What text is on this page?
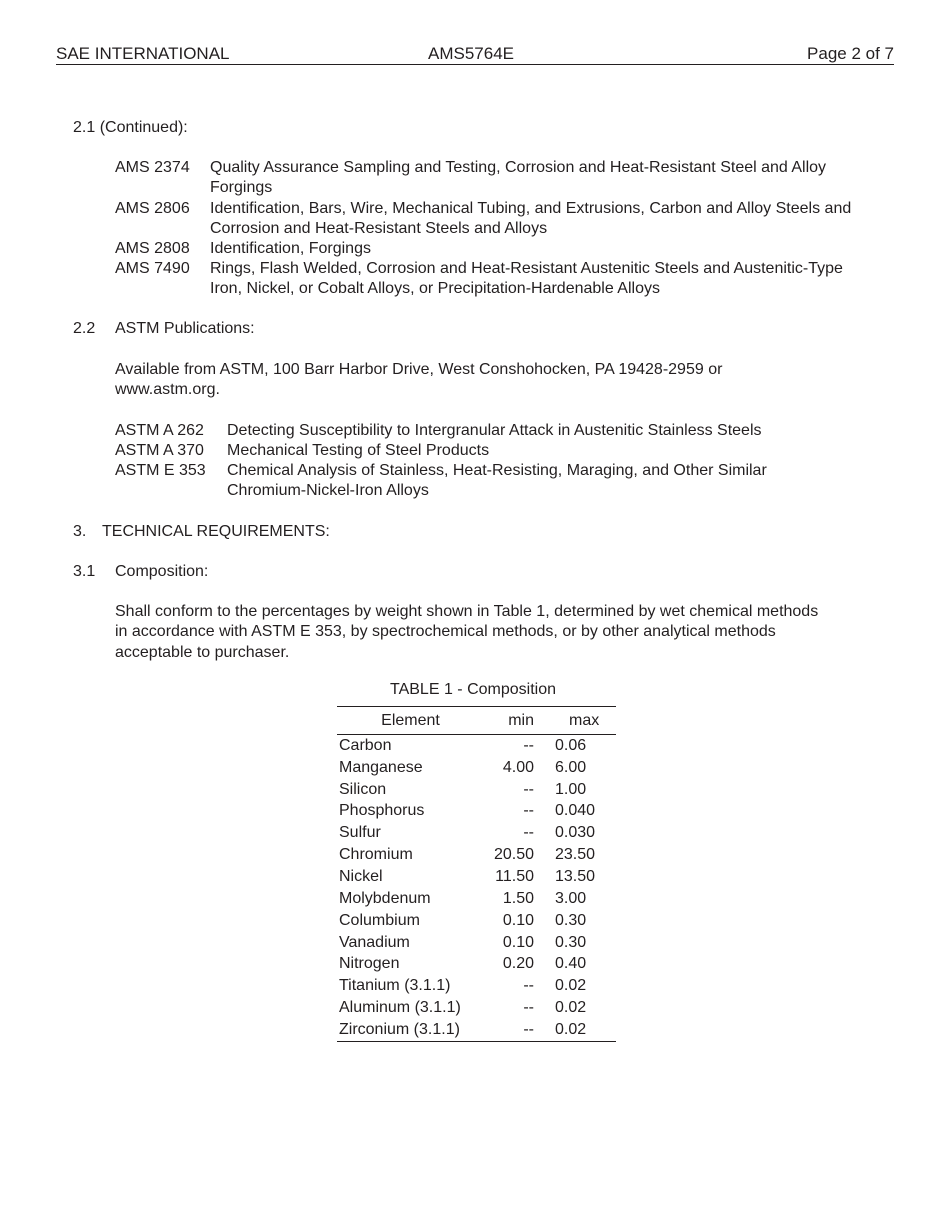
SAE INTERNATIONAL	AMS5764E	Page 2 of 7
2.1 (Continued):
AMS 2374	Quality Assurance Sampling and Testing, Corrosion and Heat-Resistant Steel and Alloy Forgings
AMS 2806	Identification, Bars, Wire, Mechanical Tubing, and Extrusions, Carbon and Alloy Steels and Corrosion and Heat-Resistant Steels and Alloys
AMS 2808	Identification, Forgings
AMS 7490	Rings, Flash Welded, Corrosion and Heat-Resistant Austenitic Steels and Austenitic-Type Iron, Nickel, or Cobalt Alloys, or Precipitation-Hardenable Alloys
2.2 ASTM Publications:
Available from ASTM, 100 Barr Harbor Drive, West Conshohocken, PA 19428-2959 or
www.astm.org.
ASTM A 262	Detecting Susceptibility to Intergranular Attack in Austenitic Stainless Steels
ASTM A 370	Mechanical Testing of Steel Products
ASTM E 353	Chemical Analysis of Stainless, Heat-Resisting, Maraging, and Other Similar Chromium-Nickel-Iron Alloys
3. TECHNICAL REQUIREMENTS:
3.1 Composition:
Shall conform to the percentages by weight shown in Table 1, determined by wet chemical methods
in accordance with ASTM E 353, by spectrochemical methods, or by other analytical methods
acceptable to purchaser.
TABLE 1 - Composition
Element	min	max
Carbon	--	0.06
Manganese	4.00	6.00
Silicon	--	1.00
Phosphorus	--	0.040
Sulfur	--	0.030
Chromium	20.50	23.50
Nickel	11.50	13.50
Molybdenum	1.50	3.00
Columbium	0.10	0.30
Vanadium	0.10	0.30
Nitrogen	0.20	0.40
Titanium (3.1.1)	--	0.02
Aluminum (3.1.1)	--	0.02
Zirconium (3.1.1)	--	0.02
